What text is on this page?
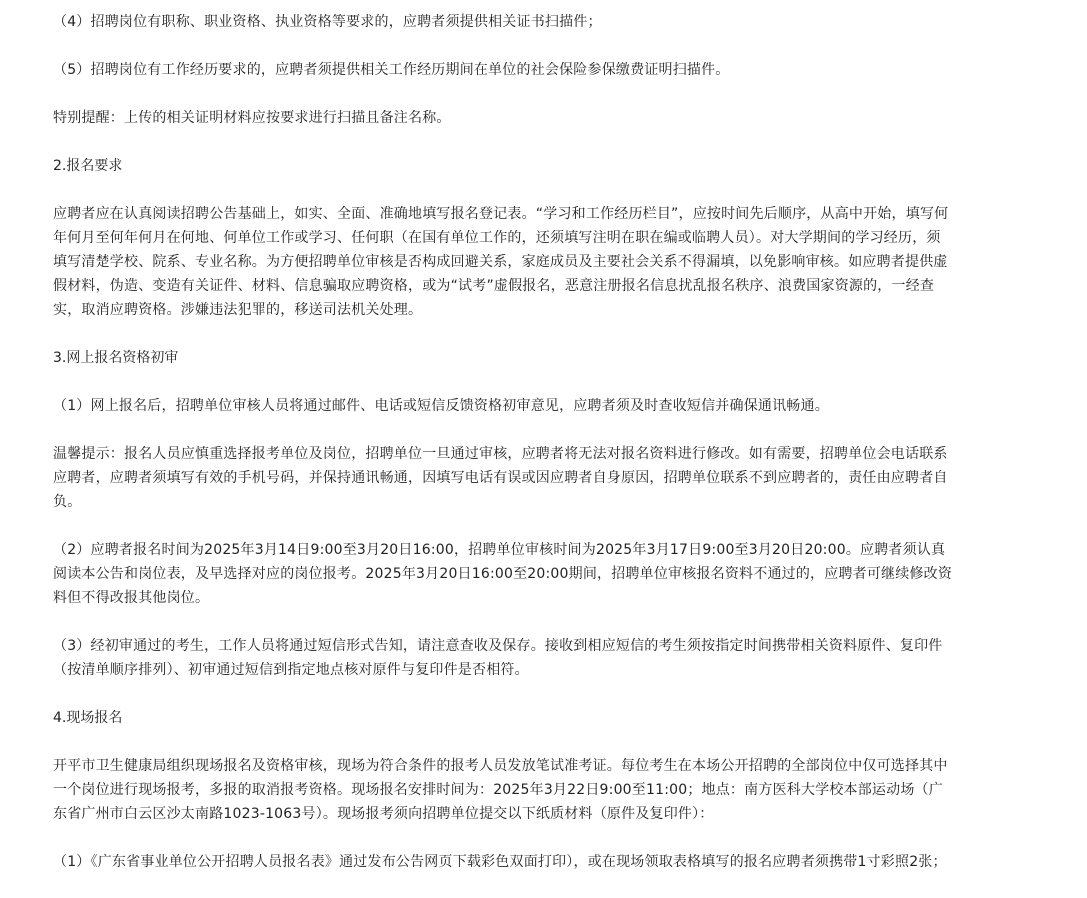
（4）招聘岗位有职称、职业资格、执业资格等要求的，应聘者须提供相关证书扫描件；

（5）招聘岗位有工作经历要求的，应聘者须提供相关工作经历期间在单位的社会保险参保缴费证明扫描件。

特别提醒：上传的相关证明材料应按要求进行扫描且备注名称。

2.报名要求

应聘者应在认真阅读招聘公告基础上，如实、全面、准确地填写报名登记表。“学习和工作经历栏目”，应按时间先后顺序，从高中开始，填写何年何月至何年何月在何地、何单位工作或学习、任何职（在国有单位工作的，还须填写注明在职在编或临聘人员）。对大学期间的学习经历，须填写清楚学校、院系、专业名称。为方便招聘单位审核是否构成回避关系，家庭成员及主要社会关系不得漏填，以免影响审核。如应聘者提供虚假材料，伪造、变造有关证件、材料、信息骗取应聘资格，或为“试考”虚假报名，恶意注册报名信息扰乱报名秩序、浪费国家资源的，一经查实，取消应聘资格。涉嫌违法犯罪的，移送司法机关处理。

3.网上报名资格初审

（1）网上报名后，招聘单位审核人员将通过邮件、电话或短信反馈资格初审意见，应聘者须及时查收短信并确保通讯畅通。

温馨提示：报名人员应慎重选择报考单位及岗位，招聘单位一旦通过审核，应聘者将无法对报名资料进行修改。如有需要，招聘单位会电话联系应聘者，应聘者须填写有效的手机号码，并保持通讯畅通，因填写电话有误或因应聘者自身原因，招聘单位联系不到应聘者的，责任由应聘者自负。

（2）应聘者报名时间为2025年3月14日9:00至3月20日16:00，招聘单位审核时间为2025年3月17日9:00至3月20日20:00。应聘者须认真阅读本公告和岗位表，及早选择对应的岗位报考。2025年3月20日16:00至20:00期间，招聘单位审核报名资料不通过的，应聘者可继续修改资料但不得改报其他岗位。

（3）经初审通过的考生，工作人员将通过短信形式告知，请注意查收及保存。接收到相应短信的考生须按指定时间携带相关资料原件、复印件（按清单顺序排列）、初审通过短信到指定地点核对原件与复印件是否相符。

4.现场报名

开平市卫生健康局组织现场报名及资格审核，现场为符合条件的报考人员发放笔试准考证。每位考生在本场公开招聘的全部岗位中仅可选择其中一个岗位进行现场报考，多报的取消报考资格。现场报名安排时间为：2025年3月22日9:00至11:00；地点：南方医科大学校本部运动场（广东省广州市白云区沙太南路1023-1063号）。现场报考须向招聘单位提交以下纸质材料（原件及复印件）：

（1）《广东省事业单位公开招聘人员报名表》通过发布公告网页下载彩色双面打印），或在现场领取表格填写的报名应聘者须携带1寸彩照2张；
